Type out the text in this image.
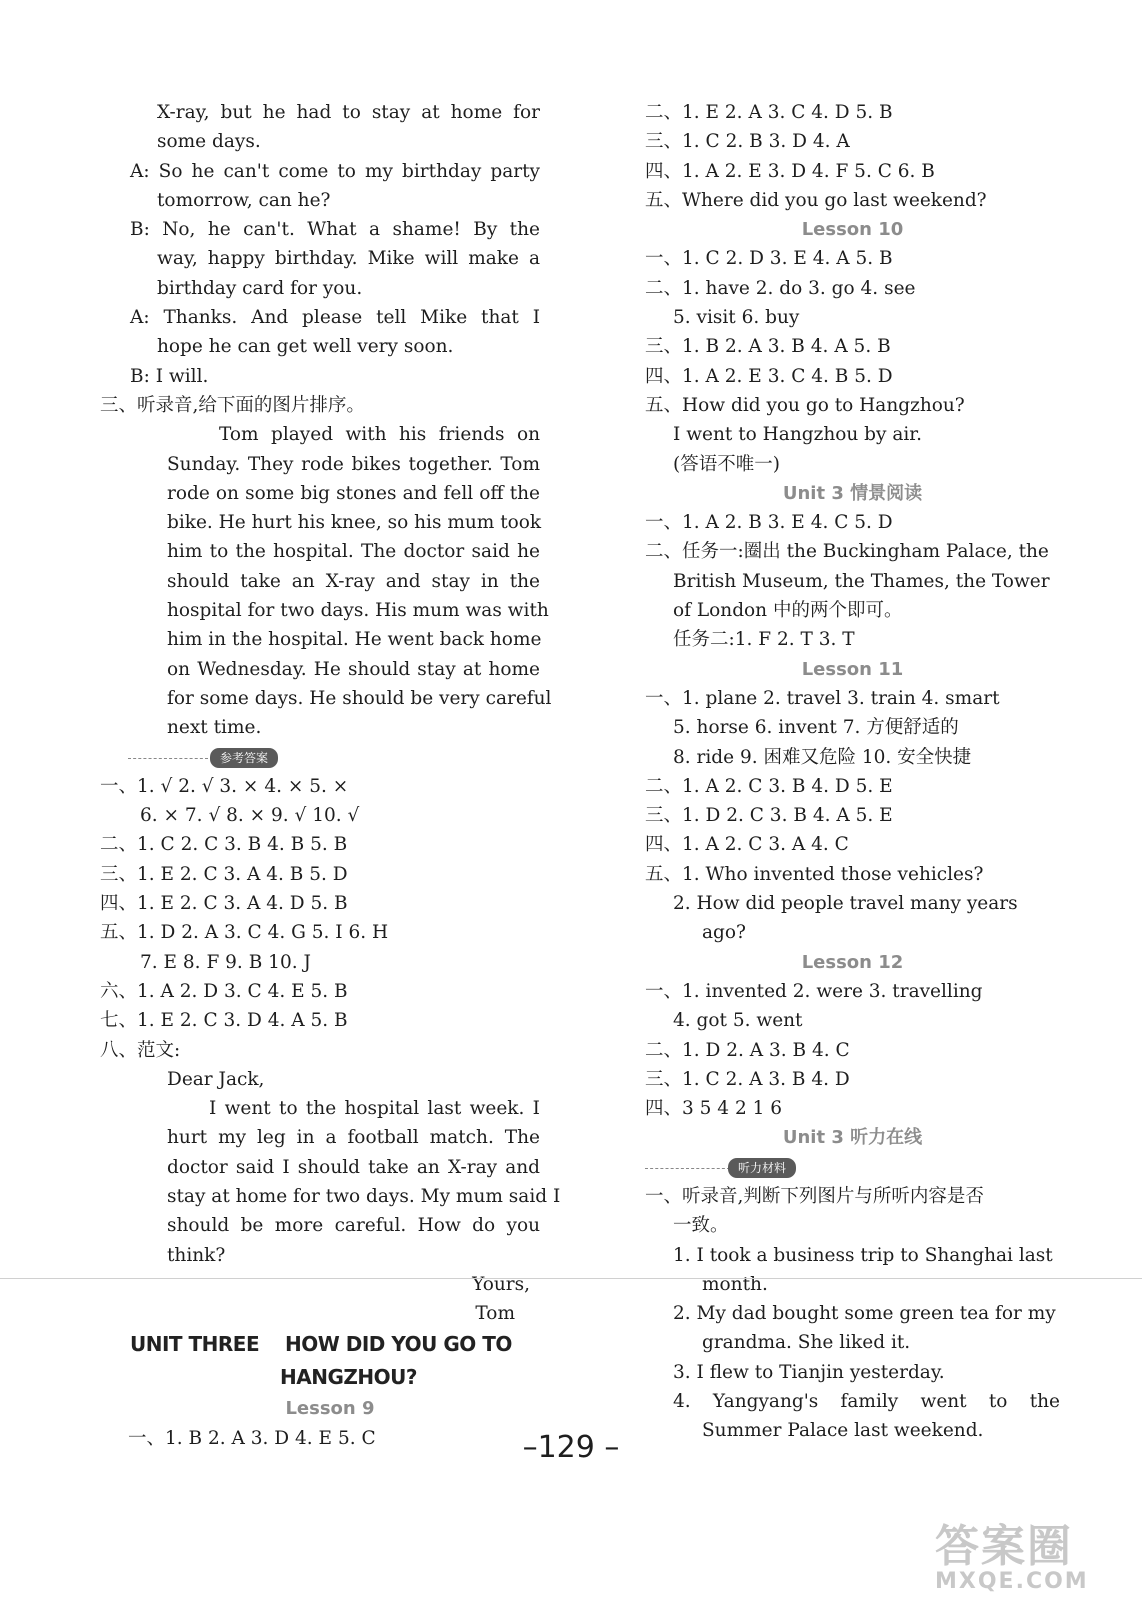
X-ray, but he had to stay at home for
some days.
A: So he can't come to my birthday party
tomorrow, can he?
B: No, he can't. What a shame! By the
way, happy birthday. Mike will make a
birthday card for you.
A: Thanks. And please tell Mike that I
hope he can get well very soon.
B: I will.
三、听录音,给下面的图片排序。
Tom played with his friends on
Sunday. They rode bikes together. Tom
rode on some big stones and fell off the
bike. He hurt his knee, so his mum took
him to the hospital. The doctor said he
should take an X-ray and stay in the
hospital for two days. His mum was with
him in the hospital. He went back home
on Wednesday. He should stay at home
for some days. He should be very careful
next time.
参考答案
一、1. √ 2. √ 3. × 4. × 5. ×
6. × 7. √ 8. × 9. √ 10. √
二、1. C 2. C 3. B 4. B 5. B
三、1. E 2. C 3. A 4. B 5. D
四、1. E 2. C 3. A 4. D 5. B
五、1. D 2. A 3. C 4. G 5. I 6. H
7. E 8. F 9. B 10. J
六、1. A 2. D 3. C 4. E 5. B
七、1. E 2. C 3. D 4. A 5. B
八、范文:
Dear Jack,
I went to the hospital last week. I
hurt my leg in a football match. The
doctor said I should take an X-ray and
stay at home for two days. My mum said I
should be more careful. How do you
think?
Yours,
Tom
UNIT THREE    HOW DID YOU GO TO
HANGZHOU?
Lesson 9
一、1. B 2. A 3. D 4. E 5. C
二、1. E 2. A 3. C 4. D 5. B
三、1. C 2. B 3. D 4. A
四、1. A 2. E 3. D 4. F 5. C 6. B
五、Where did you go last weekend?
Lesson 10
一、1. C 2. D 3. E 4. A 5. B
二、1. have 2. do 3. go 4. see
5. visit 6. buy
三、1. B 2. A 3. B 4. A 5. B
四、1. A 2. E 3. C 4. B 5. D
五、How did you go to Hangzhou?
I went to Hangzhou by air.
(答语不唯一)
Unit 3 情景阅读
一、1. A 2. B 3. E 4. C 5. D
二、任务一:圈出 the Buckingham Palace, the
British Museum, the Thames, the Tower
of London 中的两个即可。
任务二:1. F 2. T 3. T
Lesson 11
一、1. plane 2. travel 3. train 4. smart
5. horse 6. invent 7. 方便舒适的
8. ride 9. 困难又危险 10. 安全快捷
二、1. A 2. C 3. B 4. D 5. E
三、1. D 2. C 3. B 4. A 5. E
四、1. A 2. C 3. A 4. C
五、1. Who invented those vehicles?
2. How did people travel many years
ago?
Lesson 12
一、1. invented 2. were 3. travelling
4. got 5. went
二、1. D 2. A 3. B 4. C
三、1. C 2. A 3. B 4. D
四、3 5 4 2 1 6
Unit 3 听力在线
听力材料
一、听录音,判断下列图片与所听内容是否
一致。
1. I took a business trip to Shanghai last
month.
2. My dad bought some green tea for my
grandma. She liked it.
3. I flew to Tianjin yesterday.
4. Yangyang's family went to the
Summer Palace last weekend.
–129 –
答案圈
MXQE.COM
